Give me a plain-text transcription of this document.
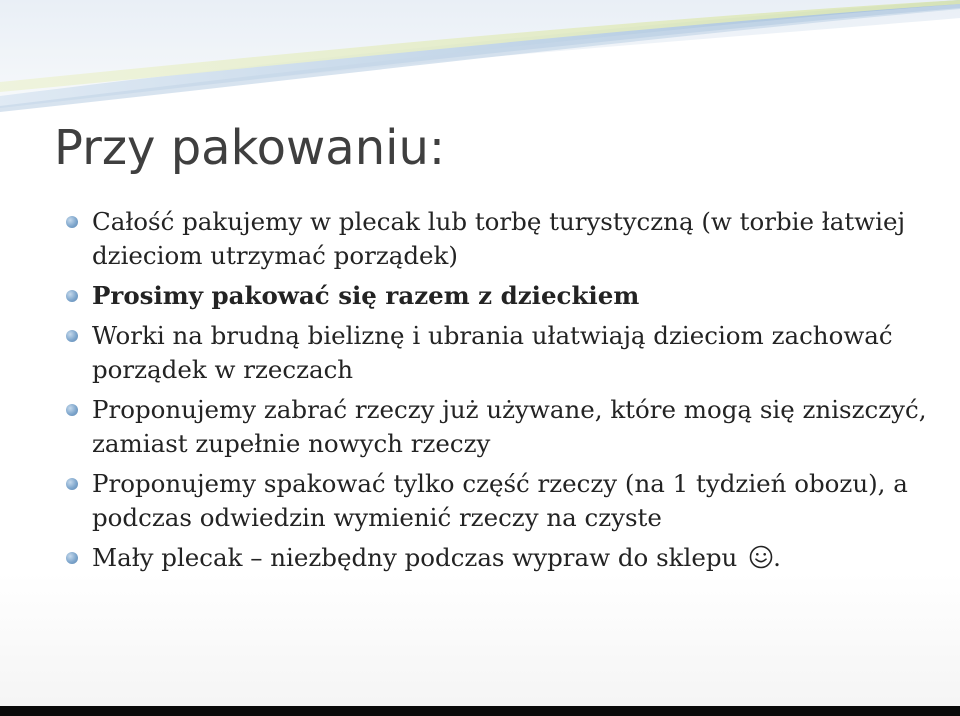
Przy pakowaniu:
Całość pakujemy w plecak lub torbę turystyczną (w torbie łatwiej dzieciom utrzymać porządek)
Prosimy pakować się razem z dzieckiem
Worki na brudną bieliznę i ubrania ułatwiają dzieciom zachować porządek w rzeczach
Proponujemy zabrać rzeczy już używane, które mogą się zniszczyć, zamiast zupełnie nowych rzeczy
Proponujemy spakować tylko część rzeczy (na 1 tydzień obozu), a podczas odwiedzin wymienić rzeczy na czyste
Mały plecak – niezbędny podczas wypraw do sklepu .
